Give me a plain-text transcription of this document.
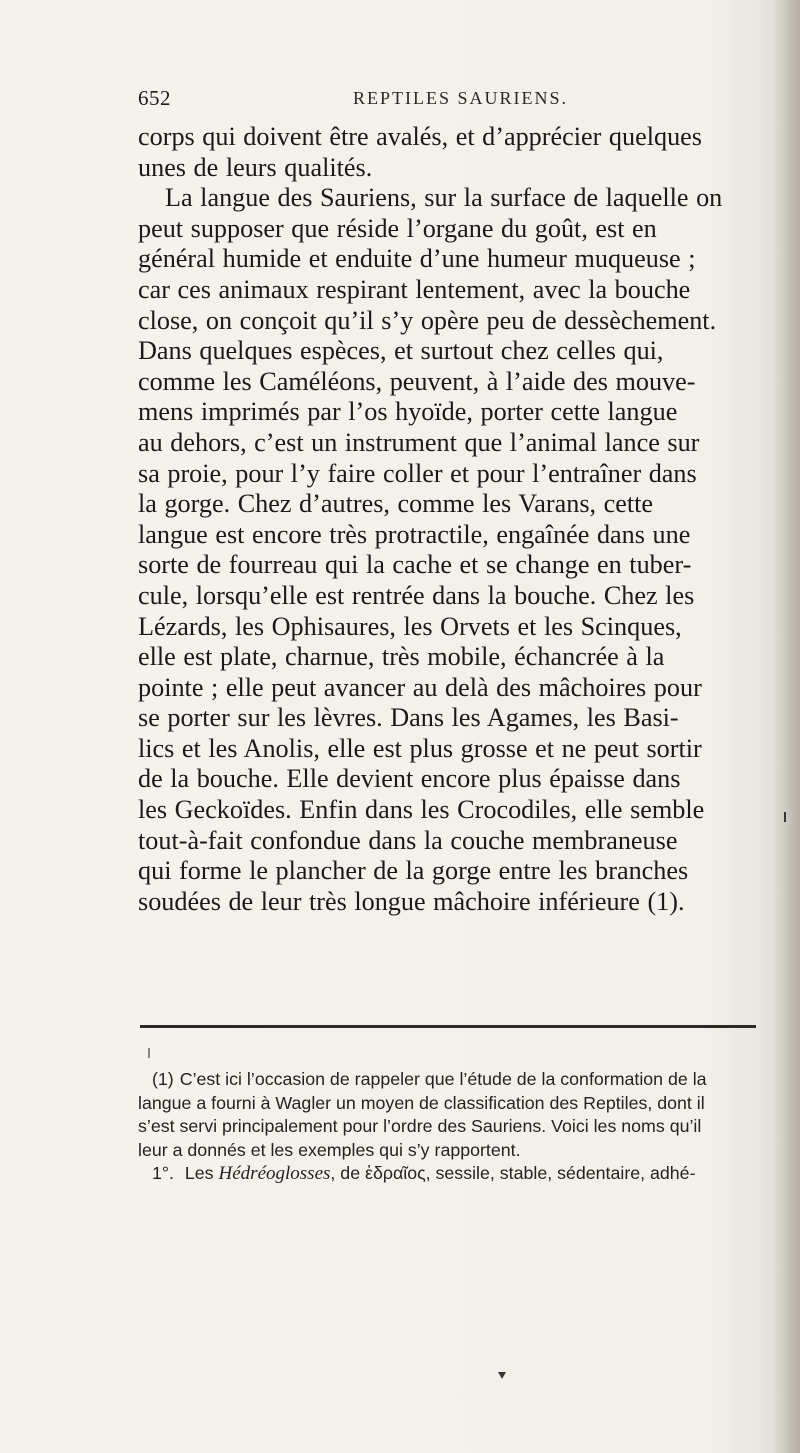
652	REPTILES SAURIENS.
corps qui doivent être avalés, et d’apprécier quelques
unes de leurs qualités.
La langue des Sauriens, sur la surface de laquelle on
peut supposer que réside l’organe du goût, est en
général humide et enduite d’une humeur muqueuse ;
car ces animaux respirant lentement, avec la bouche
close, on conçoit qu’il s’y opère peu de dessèchement.
Dans quelques espèces, et surtout chez celles qui,
comme les Caméléons, peuvent, à l’aide des mouve-
mens imprimés par l’os hyoïde, porter cette langue
au dehors, c’est un instrument que l’animal lance sur
sa proie, pour l’y faire coller et pour l’entraîner dans
la gorge. Chez d’autres, comme les Varans, cette
langue est encore très protractile, engaînée dans une
sorte de fourreau qui la cache et se change en tuber-
cule, lorsqu’elle est rentrée dans la bouche. Chez les
Lézards, les Ophisaures, les Orvets et les Scinques,
elle est plate, charnue, très mobile, échancrée à la
pointe ; elle peut avancer au delà des mâchoires pour
se porter sur les lèvres. Dans les Agames, les Basi-
lics et les Anolis, elle est plus grosse et ne peut sortir
de la bouche. Elle devient encore plus épaisse dans
les Geckoïdes. Enfin dans les Crocodiles, elle semble
tout-à-fait confondue dans la couche membraneuse
qui forme le plancher de la gorge entre les branches
soudées de leur très longue mâchoire inférieure (1).
(1) C’est ici l’occasion de rappeler que l’étude de la conformation de la
langue a fourni à Wagler un moyen de classification des Reptiles, dont il
s’est servi principalement pour l’ordre des Sauriens. Voici les noms qu’il
leur a donnés et les exemples qui s’y rapportent.
1°. Les Hédréoglosses, de ἑδραῖος, sessile, stable, sédentaire, adhé-
